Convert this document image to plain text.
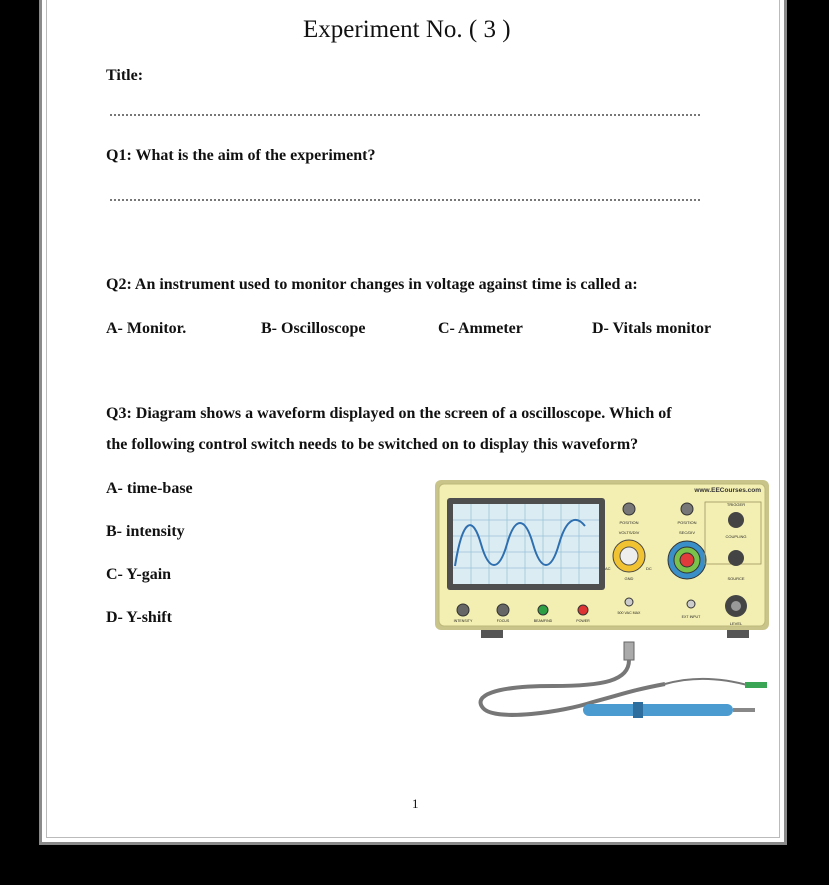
Experiment No. ( 3 )
Title:
Q1: What is the aim of the experiment?
Q2: An instrument used to monitor changes in voltage against time is called a:
A- Monitor.	B- Oscilloscope	C- Ammeter	D- Vitals monitor
Q3: Diagram shows a waveform displayed on the screen of a oscilloscope. Which of
the following control switch needs to be switched on to display this waveform?
A- time-base
B- intensity
C- Y-gain
D- Y-shift
www.EECourses.com
POSITION
VOLTS/DIV
AC	DC
GND
POSITION
SEC/DIV
TRIGGER
COUPLING
SOURCE
LEVEL
INTENSITY	FOCUS	BEAMFIND	POWER
500 VAC MAX
EXT INPUT
1
